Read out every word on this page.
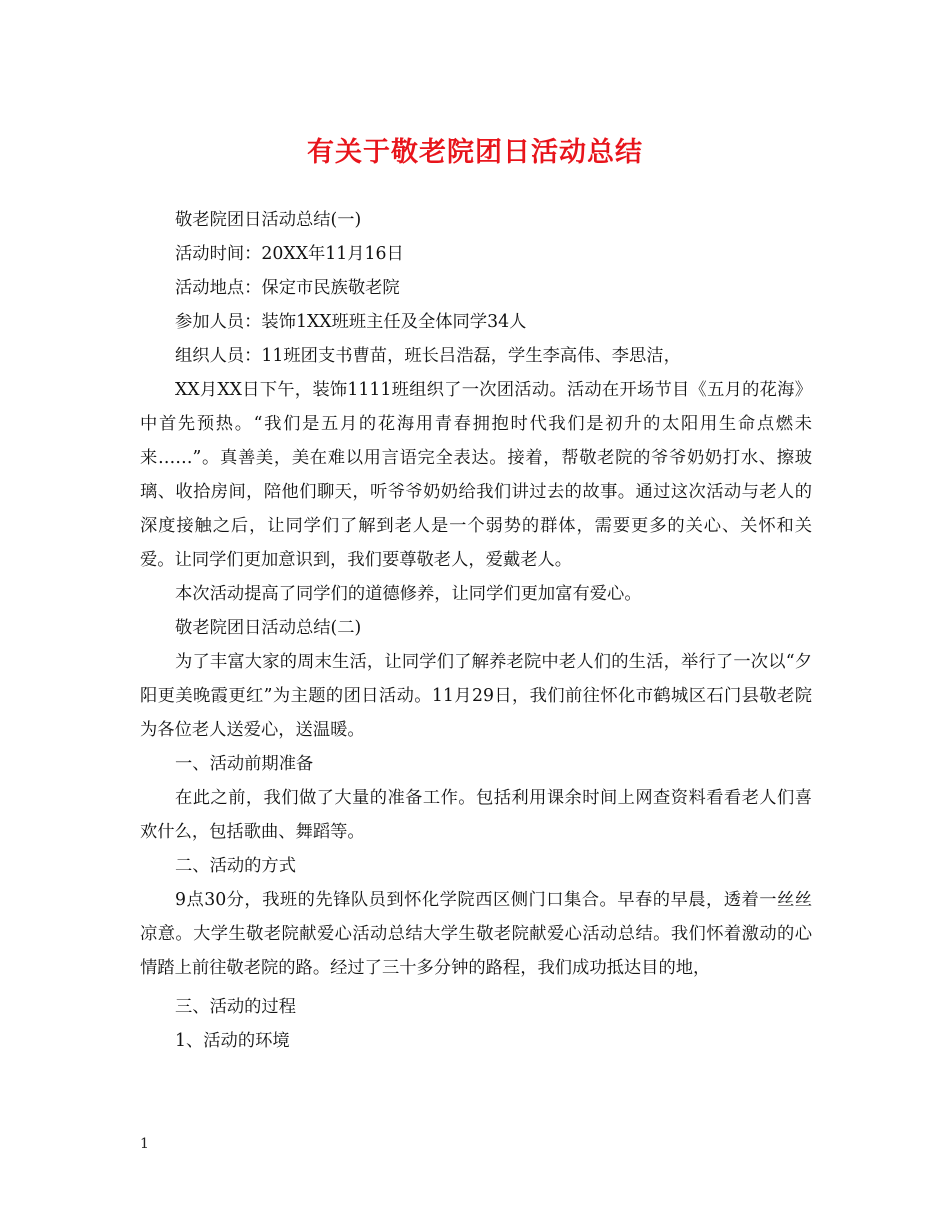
有关于敬老院团日活动总结

敬老院团日活动总结(一)

活动时间：20XX年11月16日

活动地点：保定市民族敬老院

参加人员：装饰1XX班班主任及全体同学34人

组织人员：11班团支书曹苗，班长吕浩磊，学生李高伟、李思洁，

XX月XX日下午，装饰1111班组织了一次团活动。活动在开场节目《五月的花海》中首先预热。“我们是五月的花海用青春拥抱时代我们是初升的太阳用生命点燃未来……”。真善美，美在难以用言语完全表达。接着，帮敬老院的爷爷奶奶打水、擦玻璃、收拾房间，陪他们聊天，听爷爷奶奶给我们讲过去的故事。通过这次活动与老人的深度接触之后，让同学们了解到老人是一个弱势的群体，需要更多的关心、关怀和关爱。让同学们更加意识到，我们要尊敬老人，爱戴老人。

本次活动提高了同学们的道德修养，让同学们更加富有爱心。

敬老院团日活动总结(二)

为了丰富大家的周末生活，让同学们了解养老院中老人们的生活，举行了一次以“夕阳更美晚霞更红”为主题的团日活动。11月29日，我们前往怀化市鹤城区石门县敬老院为各位老人送爱心，送温暖。

一、活动前期准备

在此之前，我们做了大量的准备工作。包括利用课余时间上网查资料看看老人们喜欢什么，包括歌曲、舞蹈等。

二、活动的方式

9点30分，我班的先锋队员到怀化学院西区侧门口集合。早春的早晨，透着一丝丝凉意。大学生敬老院献爱心活动总结大学生敬老院献爱心活动总结。我们怀着激动的心情踏上前往敬老院的路。经过了三十多分钟的路程，我们成功抵达目的地，

三、活动的过程

1、活动的环境

1
